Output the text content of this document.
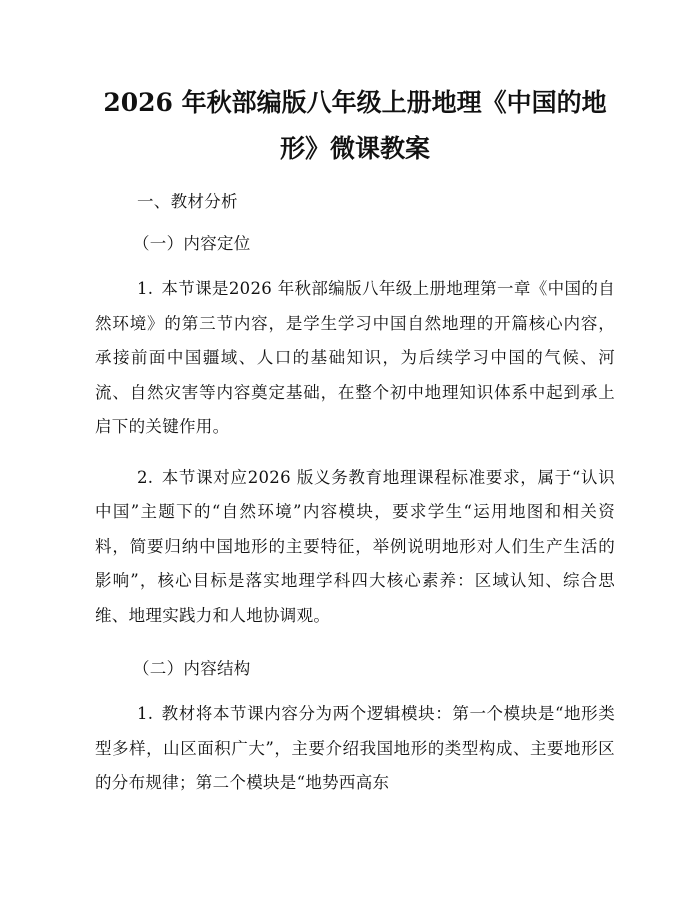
2026 年秋部编版八年级上册地理《中国的地
形》微课教案

一、教材分析

（一）内容定位

1. 本节课是2026 年秋部编版八年级上册地理第一章《中国的自然环境》的第三节内容，是学生学习中国自然地理的开篇核心内容，承接前面中国疆域、人口的基础知识，为后续学习中国的气候、河流、自然灾害等内容奠定基础，在整个初中地理知识体系中起到承上启下的关键作用。

2. 本节课对应2026 版义务教育地理课程标准要求，属于“认识中国”主题下的“自然环境”内容模块，要求学生“运用地图和相关资料，简要归纳中国地形的主要特征，举例说明地形对人们生产生活的影响”，核心目标是落实地理学科四大核心素养：区域认知、综合思维、地理实践力和人地协调观。

（二）内容结构

1. 教材将本节课内容分为两个逻辑模块：第一个模块是“地形类型多样，山区面积广大”，主要介绍我国地形的类型构成、主要地形区的分布规律；第二个模块是“地势西高东
